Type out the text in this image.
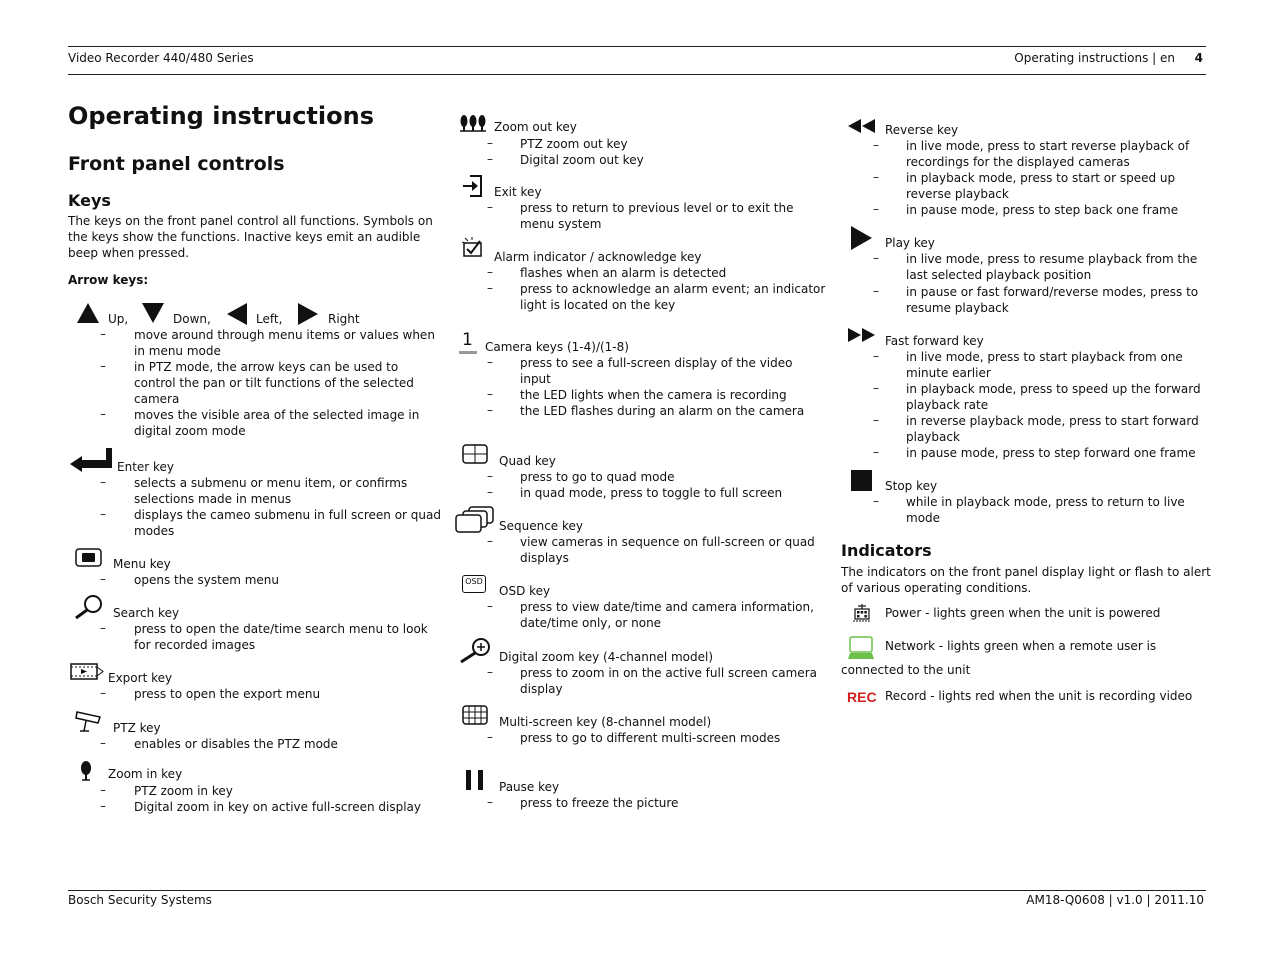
Video Recorder 440/480 Series	Operating instructions | en 4
Bosch Security Systems	AM18-Q0608 | v1.0 | 2011.10
Operating instructions
Front panel controls
Keys
The keys on the front panel control all functions. Symbols on
the keys show the functions. Inactive keys emit an audible
beep when pressed.
Arrow keys:
Up,	Down,	Left,	Right
– move around through menu items or values when
in menu mode
– in PTZ mode, the arrow keys can be used to
control the pan or tilt functions of the selected
camera
– moves the visible area of the selected image in
digital zoom mode
Enter key
– selects a submenu or menu item, or confirms
selections made in menus
– displays the cameo submenu in full screen or quad
modes
Menu key
– opens the system menu
Search key
– press to open the date/time search menu to look
for recorded images
Export key
– press to open the export menu
PTZ key
– enables or disables the PTZ mode
Zoom in key
– PTZ zoom in key
– Digital zoom in key on active full-screen display
Zoom out key
– PTZ zoom out key
– Digital zoom out key
Exit key
– press to return to previous level or to exit the
menu system
Alarm indicator / acknowledge key
– flashes when an alarm is detected
– press to acknowledge an alarm event; an indicator
light is located on the key
1 Camera keys (1-4)/(1-8)
– press to see a full-screen display of the video
input
– the LED lights when the camera is recording
– the LED flashes during an alarm on the camera
Quad key
– press to go to quad mode
– in quad mode, press to toggle to full screen
Sequence key
– view cameras in sequence on full-screen or quad
displays
OSD
OSD key
– press to view date/time and camera information,
date/time only, or none
Digital zoom key (4-channel model)
– press to zoom in on the active full screen camera
display
Multi-screen key (8-channel model)
– press to go to different multi-screen modes
Pause key
– press to freeze the picture
Reverse key
– in live mode, press to start reverse playback of
recordings for the displayed cameras
– in playback mode, press to start or speed up
reverse playback
– in pause mode, press to step back one frame
Play key
– in live mode, press to resume playback from the
last selected playback position
– in pause or fast forward/reverse modes, press to
resume playback
Fast forward key
– in live mode, press to start playback from one
minute earlier
– in playback mode, press to speed up the forward
playback rate
– in reverse playback mode, press to start forward
playback
– in pause mode, press to step forward one frame
Stop key
– while in playback mode, press to return to live
mode
Indicators
The indicators on the front panel display light or flash to alert
of various operating conditions.
Power - lights green when the unit is powered
Network - lights green when a remote user is
connected to the unit
REC Record - lights red when the unit is recording video
